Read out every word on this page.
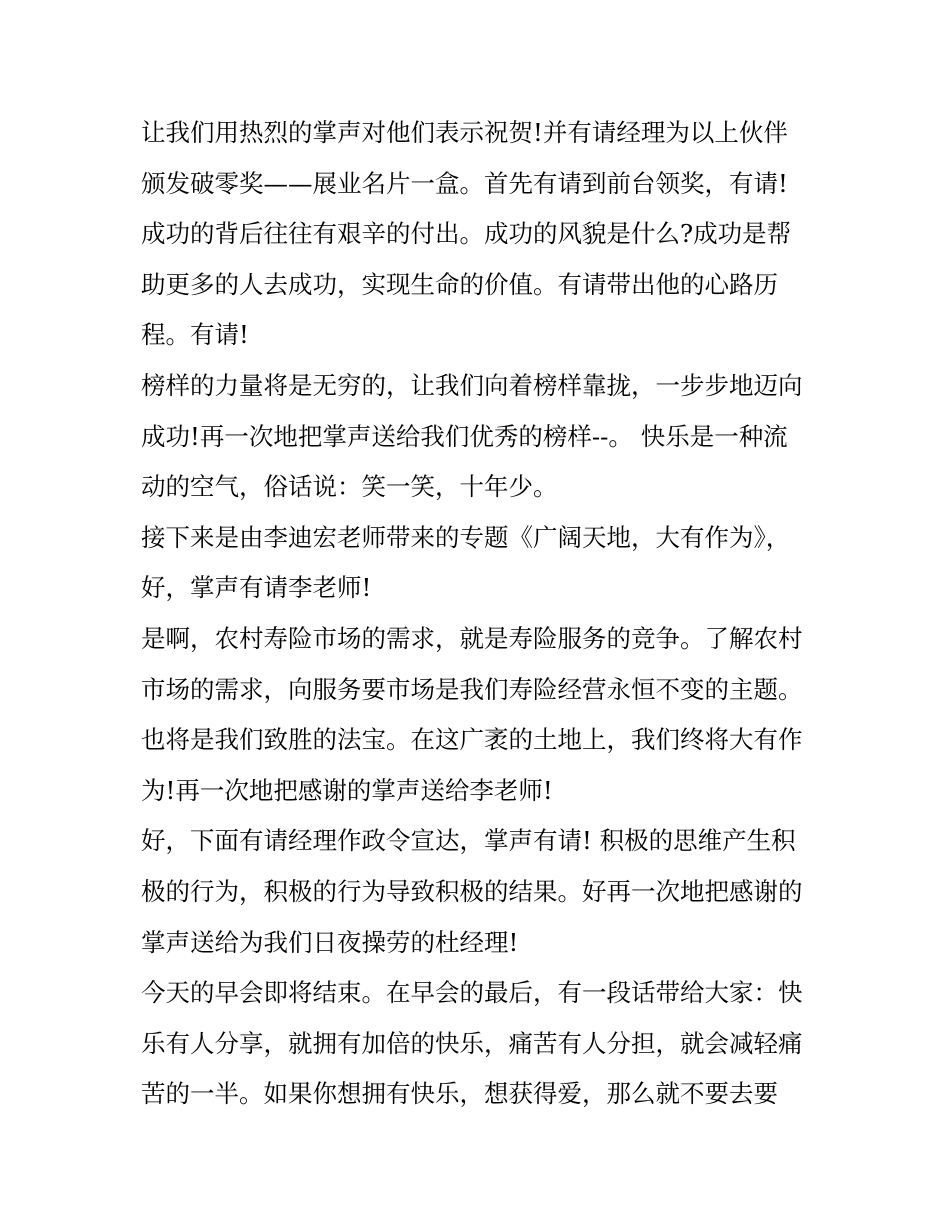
让我们用热烈的掌声对他们表示祝贺!并有请经理为以上伙伴
颁发破零奖——展业名片一盒。首先有请到前台领奖，有请!
成功的背后往往有艰辛的付出。成功的风貌是什么?成功是帮
助更多的人去成功，实现生命的价值。有请带出他的心路历
程。有请!
榜样的力量将是无穷的，让我们向着榜样靠拢，一步步地迈向
成功!再一次地把掌声送给我们优秀的榜样--。 快乐是一种流
动的空气，俗话说：笑一笑，十年少。
接下来是由李迪宏老师带来的专题《广阔天地，大有作为》，
好，掌声有请李老师!
是啊，农村寿险市场的需求，就是寿险服务的竞争。了解农村
市场的需求，向服务要市场是我们寿险经营永恒不变的主题。
也将是我们致胜的法宝。在这广袤的土地上，我们终将大有作
为!再一次地把感谢的掌声送给李老师!
好，下面有请经理作政令宣达，掌声有请! 积极的思维产生积
极的行为，积极的行为导致积极的结果。好再一次地把感谢的
掌声送给为我们日夜操劳的杜经理!
今天的早会即将结束。在早会的最后，有一段话带给大家：快
乐有人分享，就拥有加倍的快乐，痛苦有人分担，就会减轻痛
苦的一半。如果你想拥有快乐，想获得爱，那么就不要去要
